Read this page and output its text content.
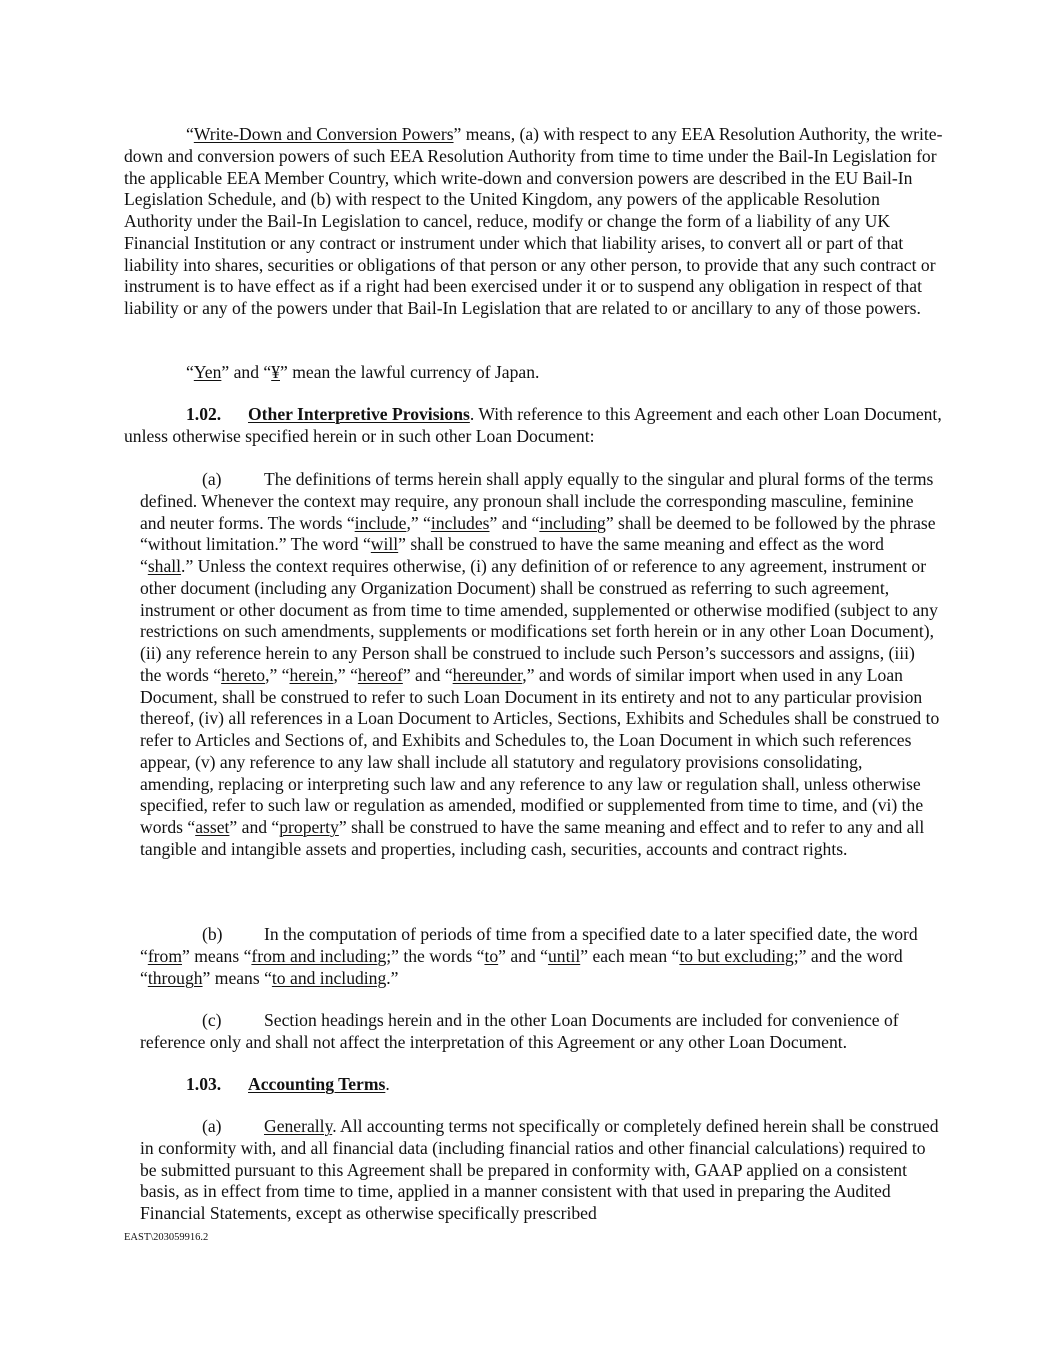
“Write-Down and Conversion Powers” means, (a) with respect to any EEA Resolution Authority, the write-down and conversion powers of such EEA Resolution Authority from time to time under the Bail-In Legislation for the applicable EEA Member Country, which write-down and conversion powers are described in the EU Bail-In Legislation Schedule, and (b) with respect to the United Kingdom, any powers of the applicable Resolution Authority under the Bail-In Legislation to cancel, reduce, modify or change the form of a liability of any UK Financial Institution or any contract or instrument under which that liability arises, to convert all or part of that liability into shares, securities or obligations of that person or any other person, to provide that any such contract or instrument is to have effect as if a right had been exercised under it or to suspend any obligation in respect of that liability or any of the powers under that Bail-In Legislation that are related to or ancillary to any of those powers.

“Yen” and “¥” mean the lawful currency of Japan.

1.02. Other Interpretive Provisions. With reference to this Agreement and each other Loan Document, unless otherwise specified herein or in such other Loan Document:

(a) The definitions of terms herein shall apply equally to the singular and plural forms of the terms defined. Whenever the context may require, any pronoun shall include the corresponding masculine, feminine and neuter forms. The words “include,” “includes” and “including” shall be deemed to be followed by the phrase “without limitation.” The word “will” shall be construed to have the same meaning and effect as the word “shall.” Unless the context requires otherwise, (i) any definition of or reference to any agreement, instrument or other document (including any Organization Document) shall be construed as referring to such agreement, instrument or other document as from time to time amended, supplemented or otherwise modified (subject to any restrictions on such amendments, supplements or modifications set forth herein or in any other Loan Document), (ii) any reference herein to any Person shall be construed to include such Person’s successors and assigns, (iii) the words “hereto,” “herein,” “hereof” and “hereunder,” and words of similar import when used in any Loan Document, shall be construed to refer to such Loan Document in its entirety and not to any particular provision thereof, (iv) all references in a Loan Document to Articles, Sections, Exhibits and Schedules shall be construed to refer to Articles and Sections of, and Exhibits and Schedules to, the Loan Document in which such references appear, (v) any reference to any law shall include all statutory and regulatory provisions consolidating, amending, replacing or interpreting such law and any reference to any law or regulation shall, unless otherwise specified, refer to such law or regulation as amended, modified or supplemented from time to time, and (vi) the words “asset” and “property” shall be construed to have the same meaning and effect and to refer to any and all tangible and intangible assets and properties, including cash, securities, accounts and contract rights.

(b) In the computation of periods of time from a specified date to a later specified date, the word “from” means “from and including;” the words “to” and “until” each mean “to but excluding;” and the word “through” means “to and including.”

(c) Section headings herein and in the other Loan Documents are included for convenience of reference only and shall not affect the interpretation of this Agreement or any other Loan Document.

1.03. Accounting Terms.

(a) Generally. All accounting terms not specifically or completely defined herein shall be construed in conformity with, and all financial data (including financial ratios and other financial calculations) required to be submitted pursuant to this Agreement shall be prepared in conformity with, GAAP applied on a consistent basis, as in effect from time to time, applied in a manner consistent with that used in preparing the Audited Financial Statements, except as otherwise specifically prescribed

EAST\203059916.2
